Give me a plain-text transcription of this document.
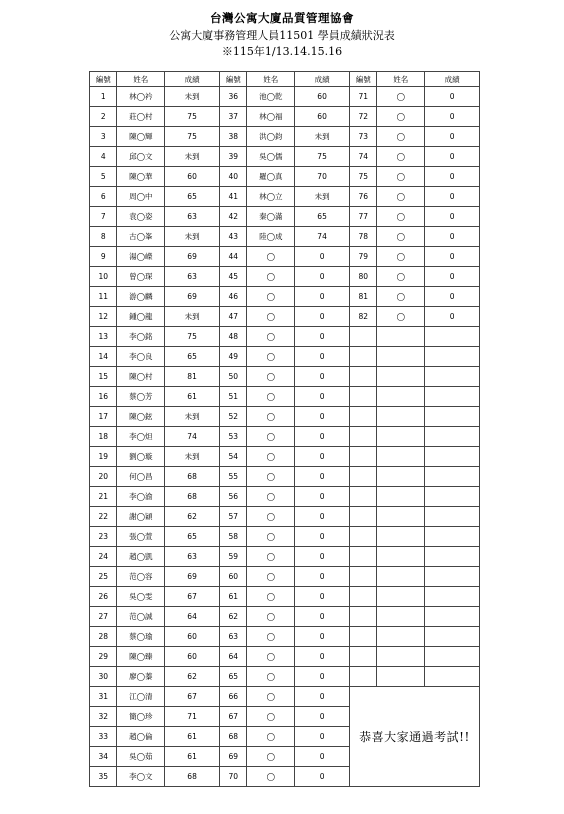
台灣公寓大廈品質管理協會
公寓大廈事務管理人員11501 學員成績狀況表
※115年1/13.14.15.16
編號	姓名	成績	編號	姓名	成績	編號	姓名	成績
1	林◯衿	未到	36	池◯乾	60	71	◯	0
2	莊◯村	75	37	林◯福	60	72	◯	0
3	陳◯輝	75	38	洪◯鈞	未到	73	◯	0
4	邱◯文	未到	39	吳◯儒	75	74	◯	0
5	陳◯華	60	40	羅◯真	70	75	◯	0
6	周◯中	65	41	林◯立	未到	76	◯	0
7	袁◯姿	63	42	秦◯滿	65	77	◯	0
8	古◯峯	未到	43	陸◯成	74	78	◯	0
9	湯◯嶸	69	44	◯	0	79	◯	0
10	曾◯琛	63	45	◯	0	80	◯	0
11	游◯麟	69	46	◯	0	81	◯	0
12	鍾◯龍	未到	47	◯	0	82	◯	0
13	李◯銘	75	48	◯	0			
14	李◯良	65	49	◯	0			
15	陳◯村	81	50	◯	0			
16	蔡◯芳	61	51	◯	0			
17	陳◯鉉	未到	52	◯	0			
18	李◯炟	74	53	◯	0			
19	劉◯璇	未到	54	◯	0			
20	何◯昌	68	55	◯	0			
21	李◯渝	68	56	◯	0			
22	謝◯穎	62	57	◯	0			
23	張◯萱	65	58	◯	0			
24	趙◯凱	63	59	◯	0			
25	范◯容	69	60	◯	0			
26	吳◯雯	67	61	◯	0			
27	范◯誠	64	62	◯	0			
28	蔡◯瑜	60	63	◯	0			
29	陳◯臻	60	64	◯	0			
30	廖◯蓁	62	65	◯	0			
31	江◯清	67	66	◯	0	恭喜大家通過考試!!		
32	簡◯珍	71	67	◯	0			
33	趙◯倫	61	68	◯	0			
34	吳◯茹	61	69	◯	0			
35	李◯文	68	70	◯	0			
